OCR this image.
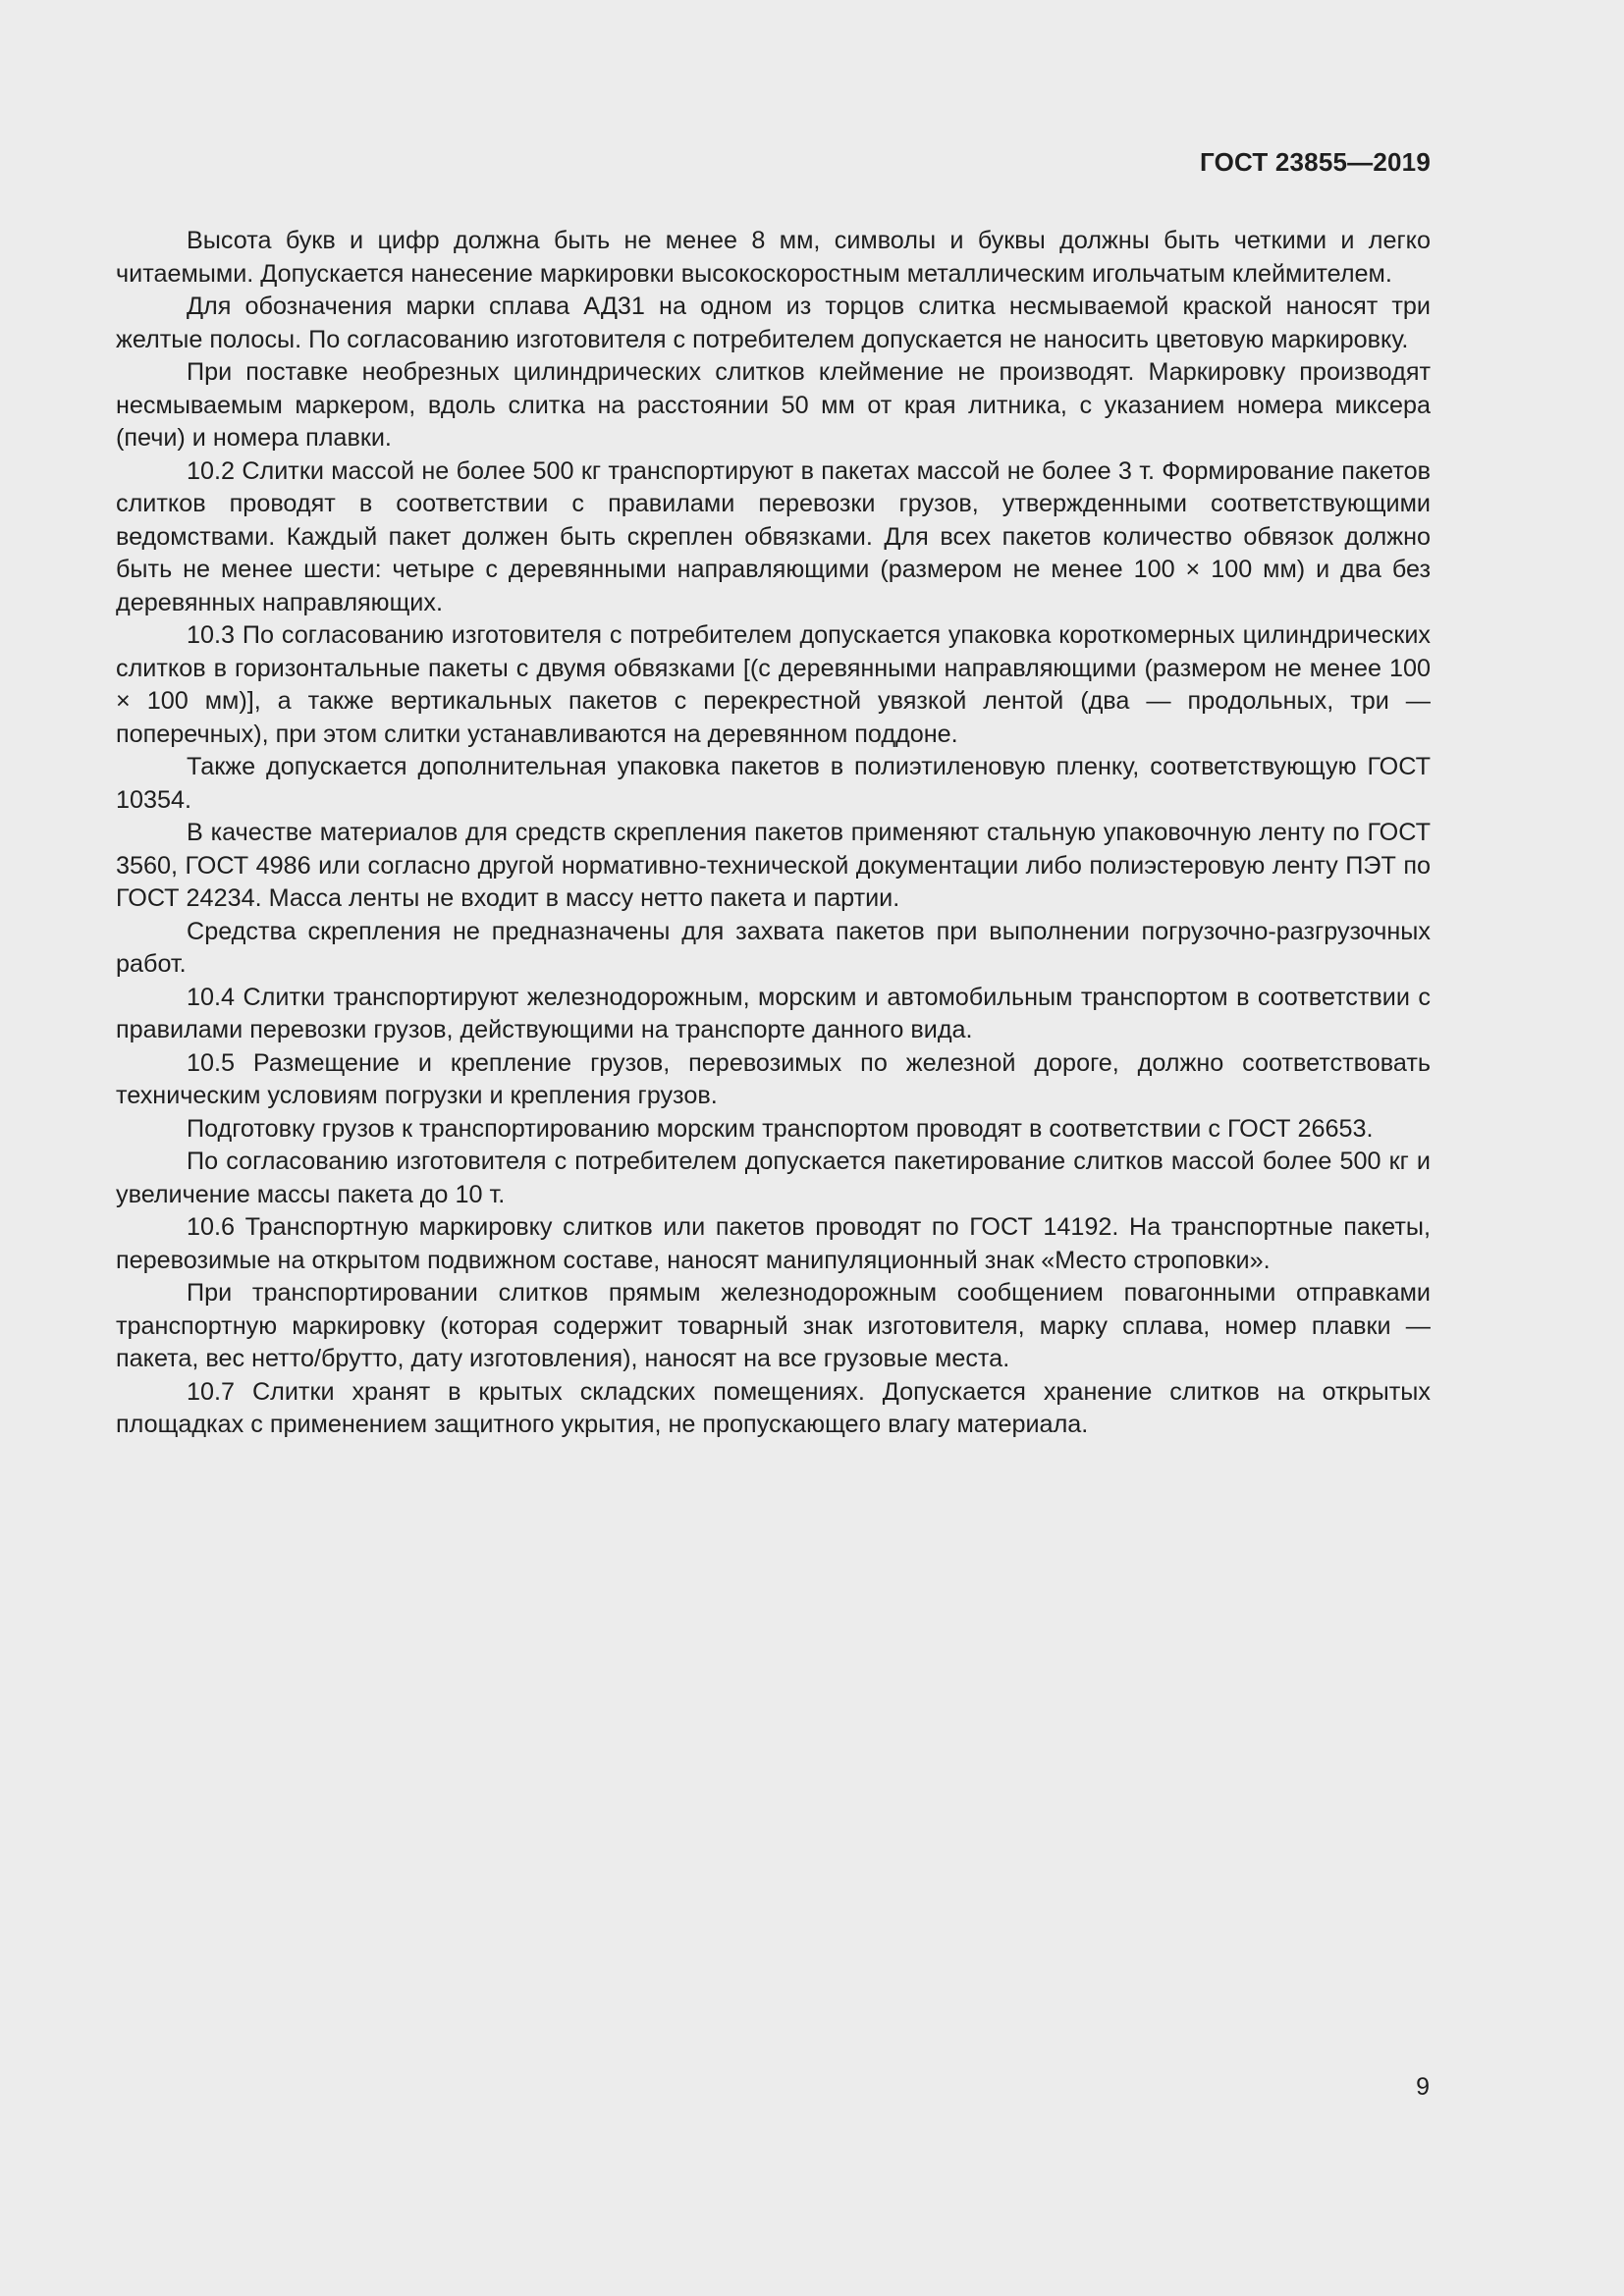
ГОСТ 23855—2019

Высота букв и цифр должна быть не менее 8 мм, символы и буквы должны быть четкими и легко читаемыми. Допускается нанесение маркировки высокоскоростным металлическим игольчатым клеймителем.

Для обозначения марки сплава АД31 на одном из торцов слитка несмываемой краской наносят три желтые полосы. По согласованию изготовителя с потребителем допускается не наносить цветовую маркировку.

При поставке необрезных цилиндрических слитков клеймение не производят. Маркировку производят несмываемым маркером, вдоль слитка на расстоянии 50 мм от края литника, с указанием номера миксера (печи) и номера плавки.

10.2 Слитки массой не более 500 кг транспортируют в пакетах массой не более 3 т. Формирование пакетов слитков проводят в соответствии с правилами перевозки грузов, утвержденными соответствующими ведомствами. Каждый пакет должен быть скреплен обвязками. Для всех пакетов количество обвязок должно быть не менее шести: четыре с деревянными направляющими (размером не менее 100 × 100 мм) и два без деревянных направляющих.

10.3 По согласованию изготовителя с потребителем допускается упаковка короткомерных цилиндрических слитков в горизонтальные пакеты с двумя обвязками [(с деревянными направляющими (размером не менее 100 × 100 мм)], а также вертикальных пакетов с перекрестной увязкой лентой (два — продольных, три — поперечных), при этом слитки устанавливаются на деревянном поддоне.

Также допускается дополнительная упаковка пакетов в полиэтиленовую пленку, соответствующую ГОСТ 10354.

В качестве материалов для средств скрепления пакетов применяют стальную упаковочную ленту по ГОСТ 3560, ГОСТ 4986 или согласно другой нормативно-технической документации либо полиэстеровую ленту ПЭТ по ГОСТ 24234. Масса ленты не входит в массу нетто пакета и партии.

Средства скрепления не предназначены для захвата пакетов при выполнении погрузочно-разгрузочных работ.

10.4 Слитки транспортируют железнодорожным, морским и автомобильным транспортом в соответствии с правилами перевозки грузов, действующими на транспорте данного вида.

10.5 Размещение и крепление грузов, перевозимых по железной дороге, должно соответствовать техническим условиям погрузки и крепления грузов.

Подготовку грузов к транспортированию морским транспортом проводят в соответствии с ГОСТ 26653.

По согласованию изготовителя с потребителем допускается пакетирование слитков массой более 500 кг и увеличение массы пакета до 10 т.

10.6 Транспортную маркировку слитков или пакетов проводят по ГОСТ 14192. На транспортные пакеты, перевозимые на открытом подвижном составе, наносят манипуляционный знак «Место строповки».

При транспортировании слитков прямым железнодорожным сообщением повагонными отправками транспортную маркировку (которая содержит товарный знак изготовителя, марку сплава, номер плавки — пакета, вес нетто/брутто, дату изготовления), наносят на все грузовые места.

10.7 Слитки хранят в крытых складских помещениях. Допускается хранение слитков на открытых площадках с применением защитного укрытия, не пропускающего влагу материала.

9
